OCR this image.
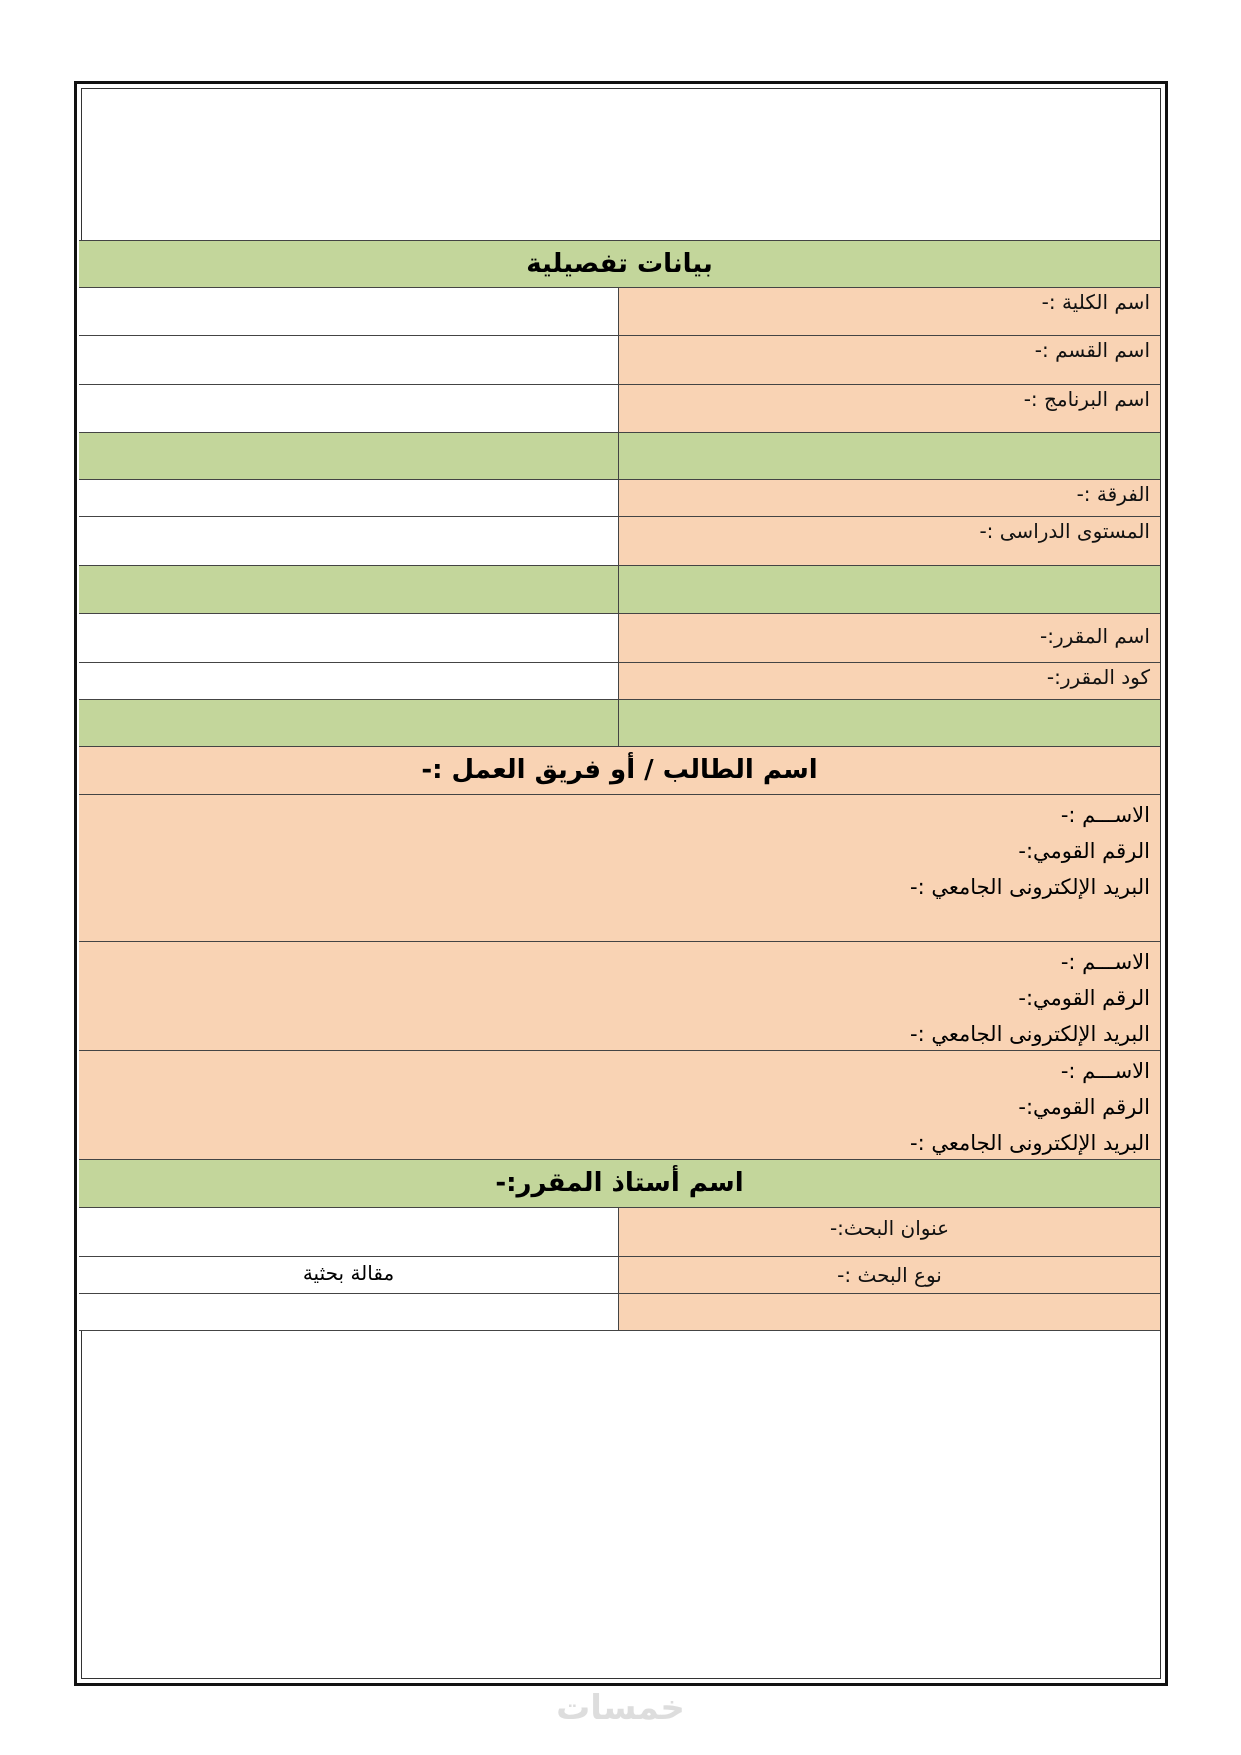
بيانات تفصيلية
اسم الكلية :-
اسم القسم :-
اسم البرنامج :-
الفرقة :-
المستوى الدراسى :-
اسم المقرر:-
كود المقرر:-
اسم الطالب / أو فريق العمل :-
الاســـم :-
الرقم القومي:-
البريد الإلكترونى الجامعي :-
الاســـم :-
الرقم القومي:-
البريد الإلكترونى الجامعي :-
الاســـم :-
الرقم القومي:-
البريد الإلكترونى الجامعي :-
اسم أستاذ المقرر:-
عنوان البحث:-
نوع البحث :-
مقالة بحثية
خمسات
